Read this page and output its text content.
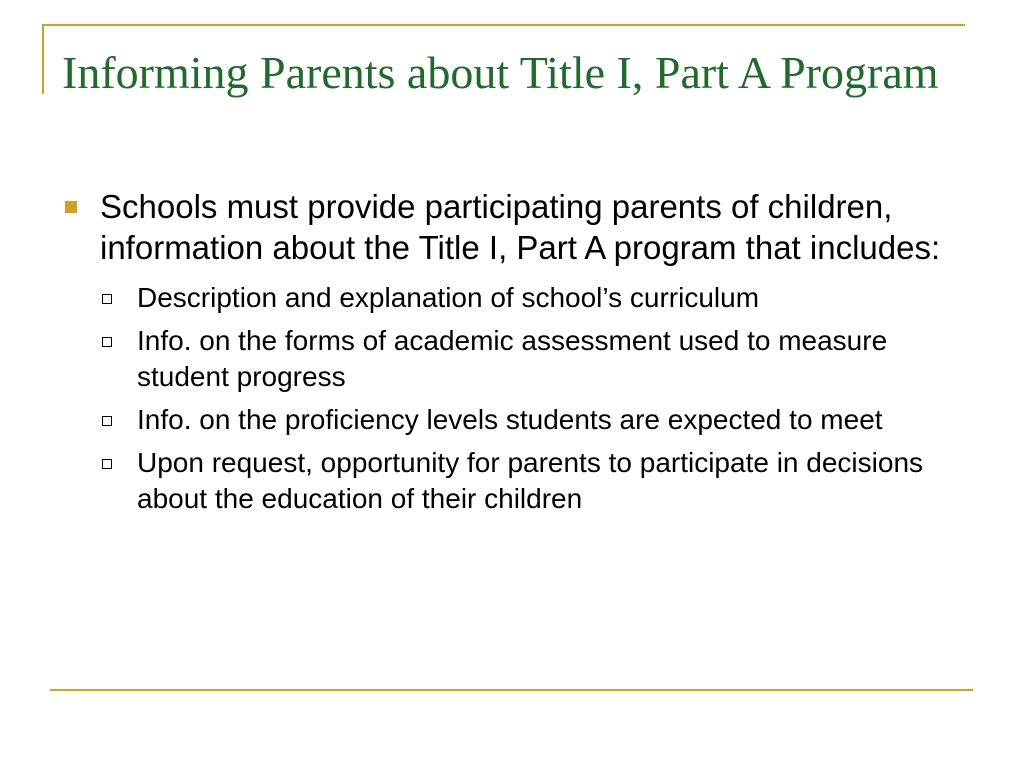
Informing Parents about Title I, Part A Program
Schools must provide participating parents of children, information about the Title I, Part A program that includes:
Description and explanation of school’s curriculum
Info. on the forms of academic assessment used to measure student progress
Info. on the proficiency levels students are expected to meet
Upon request, opportunity for parents to participate in decisions about the education of their children
